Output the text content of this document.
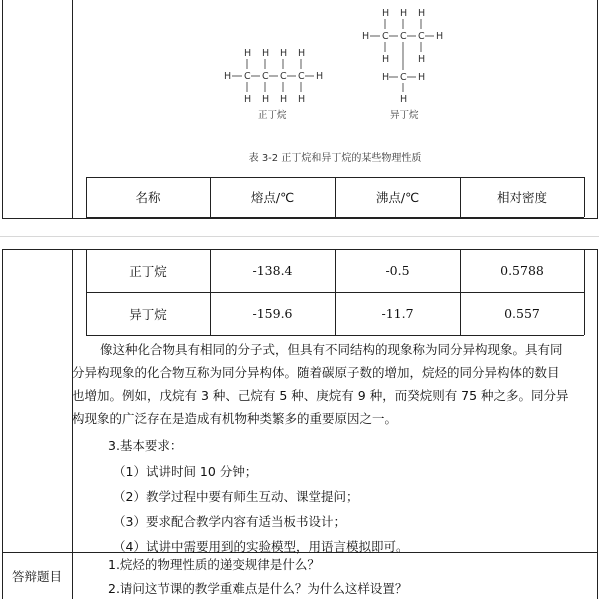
H H H H
H C C C C H
H H H H
正丁烷
H H H
H C C C H
H	H
H C H
H
异丁烷
表 3-2 正丁烷和异丁烷的某些物理性质
名称	熔点/℃	沸点/℃	相对密度
正丁烷	-138.4	-0.5	0.5788
异丁烷	-159.6	-11.7	0.557
像这种化合物具有相同的分子式，但具有不同结构的现象称为同分异构现象。具有同
分异构现象的化合物互称为同分异构体。随着碳原子数的增加，烷烃的同分异构体的数目
也增加。例如，戊烷有 3 种、己烷有 5 种、庚烷有 9 种，而癸烷则有 75 种之多。同分异
构现象的广泛存在是造成有机物种类繁多的重要原因之一。
3.基本要求：
（1）试讲时间 10 分钟；
（2）教学过程中要有师生互动、课堂提问；
（3）要求配合教学内容有适当板书设计；
（4）试讲中需要用到的实验模型，用语言模拟即可。
答辩题目
1.烷烃的物理性质的递变规律是什么？
2.请问这节课的教学重难点是什么？为什么这样设置？
